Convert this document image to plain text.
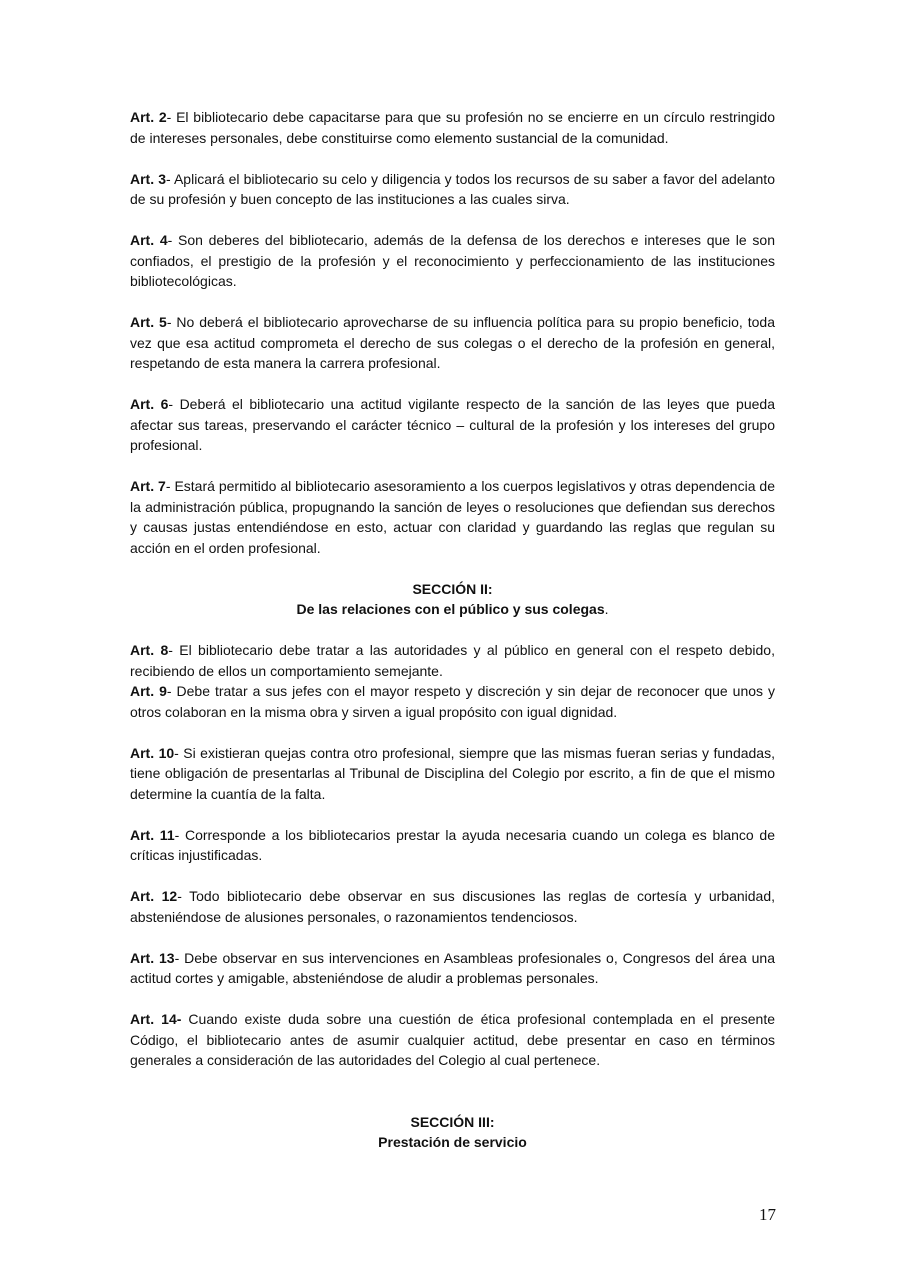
Art. 2- El bibliotecario debe capacitarse para que su profesión no se encierre en un círculo restringido de intereses personales, debe constituirse como elemento sustancial de la comunidad.

Art. 3- Aplicará el bibliotecario su celo y diligencia y todos los recursos de su saber a favor del adelanto de su profesión y buen concepto de las instituciones a las cuales sirva.

Art. 4- Son deberes del bibliotecario, además de la defensa de los derechos e intereses que le son confiados, el prestigio de la profesión y el reconocimiento y perfeccionamiento de las instituciones bibliotecológicas.

Art. 5- No deberá el bibliotecario aprovecharse de su influencia política para su propio beneficio, toda vez que esa actitud comprometa el derecho de sus colegas o el derecho de la profesión en general, respetando de esta manera la carrera profesional.

Art. 6- Deberá el bibliotecario una actitud vigilante respecto de la sanción de las leyes que pueda afectar sus tareas, preservando el carácter técnico – cultural de la profesión y los intereses del grupo profesional.

Art. 7- Estará permitido al bibliotecario asesoramiento a los cuerpos legislativos y otras dependencia de la administración pública, propugnando la sanción de leyes o resoluciones que defiendan sus derechos y causas justas entendiéndose en esto, actuar con claridad y guardando las reglas que regulan su acción en el orden profesional.

SECCIÓN II:

De las relaciones con el público y sus colegas.

Art. 8- El bibliotecario debe tratar a las autoridades y al público en general con el respeto debido, recibiendo de ellos un comportamiento semejante.

Art. 9- Debe tratar a sus jefes con el mayor respeto y discreción y sin dejar de reconocer que unos y otros colaboran en la misma obra y sirven a igual propósito con igual dignidad.

Art. 10- Si existieran quejas contra otro profesional, siempre que las mismas fueran serias y fundadas, tiene obligación de presentarlas al Tribunal de Disciplina del Colegio por escrito, a fin de que el mismo determine la cuantía de la falta.

Art. 11- Corresponde a los bibliotecarios prestar la ayuda necesaria cuando un colega es blanco de críticas injustificadas.

Art. 12- Todo bibliotecario debe observar en sus discusiones las reglas de cortesía y urbanidad, absteniéndose de alusiones personales, o razonamientos tendenciosos.

Art. 13- Debe observar en sus intervenciones en Asambleas profesionales o, Congresos del área una actitud cortes y amigable, absteniéndose de aludir a problemas personales.

Art. 14- Cuando existe duda sobre una cuestión de ética profesional contemplada en el presente Código, el bibliotecario antes de asumir cualquier actitud, debe presentar en caso en términos generales a consideración de las autoridades del Colegio al cual pertenece.

SECCIÓN III:

Prestación de servicio

17
